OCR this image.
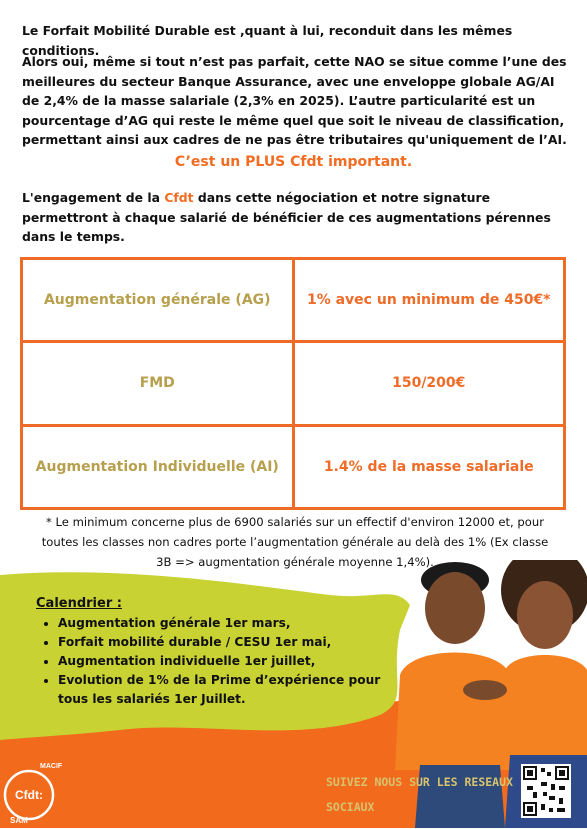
Le Forfait Mobilité Durable est ,quant à lui, reconduit dans les mêmes conditions.
Alors oui, même si tout n’est pas parfait, cette NAO se situe comme l’une des meilleures du secteur Banque Assurance, avec une enveloppe globale AG/AI de 2,4% de la masse salariale (2,3% en 2025). L’autre particularité est un pourcentage d’AG qui reste le même quel que soit le niveau de classification, permettant ainsi aux cadres de ne pas être tributaires qu'uniquement de l’AI.
C’est un PLUS Cfdt important.
L'engagement de la Cfdt dans cette négociation et notre signature permettront à chaque salarié de bénéficier de ces augmentations pérennes dans le temps.
Augmentation générale (AG)	1% avec un minimum de 450€*
FMD	150/200€
Augmentation Individuelle (AI)	1.4% de la masse salariale
* Le minimum concerne plus de 6900 salariés sur un effectif d'environ 12000 et, pour
toutes les classes non cadres porte l’augmentation générale au delà des 1% (Ex classe
3B => augmentation générale moyenne 1,4%).
Calendrier :
• Augmentation générale 1er mars,
• Forfait mobilité durable / CESU 1er mai,
• Augmentation individuelle 1er juillet,
• Evolution de 1% de la Prime d’expérience pour tous les salariés 1er Juillet.
MACIF
Cfdt:
SAM
SUIVEZ NOUS SUR LES RESEAUX
SOCIAUX
